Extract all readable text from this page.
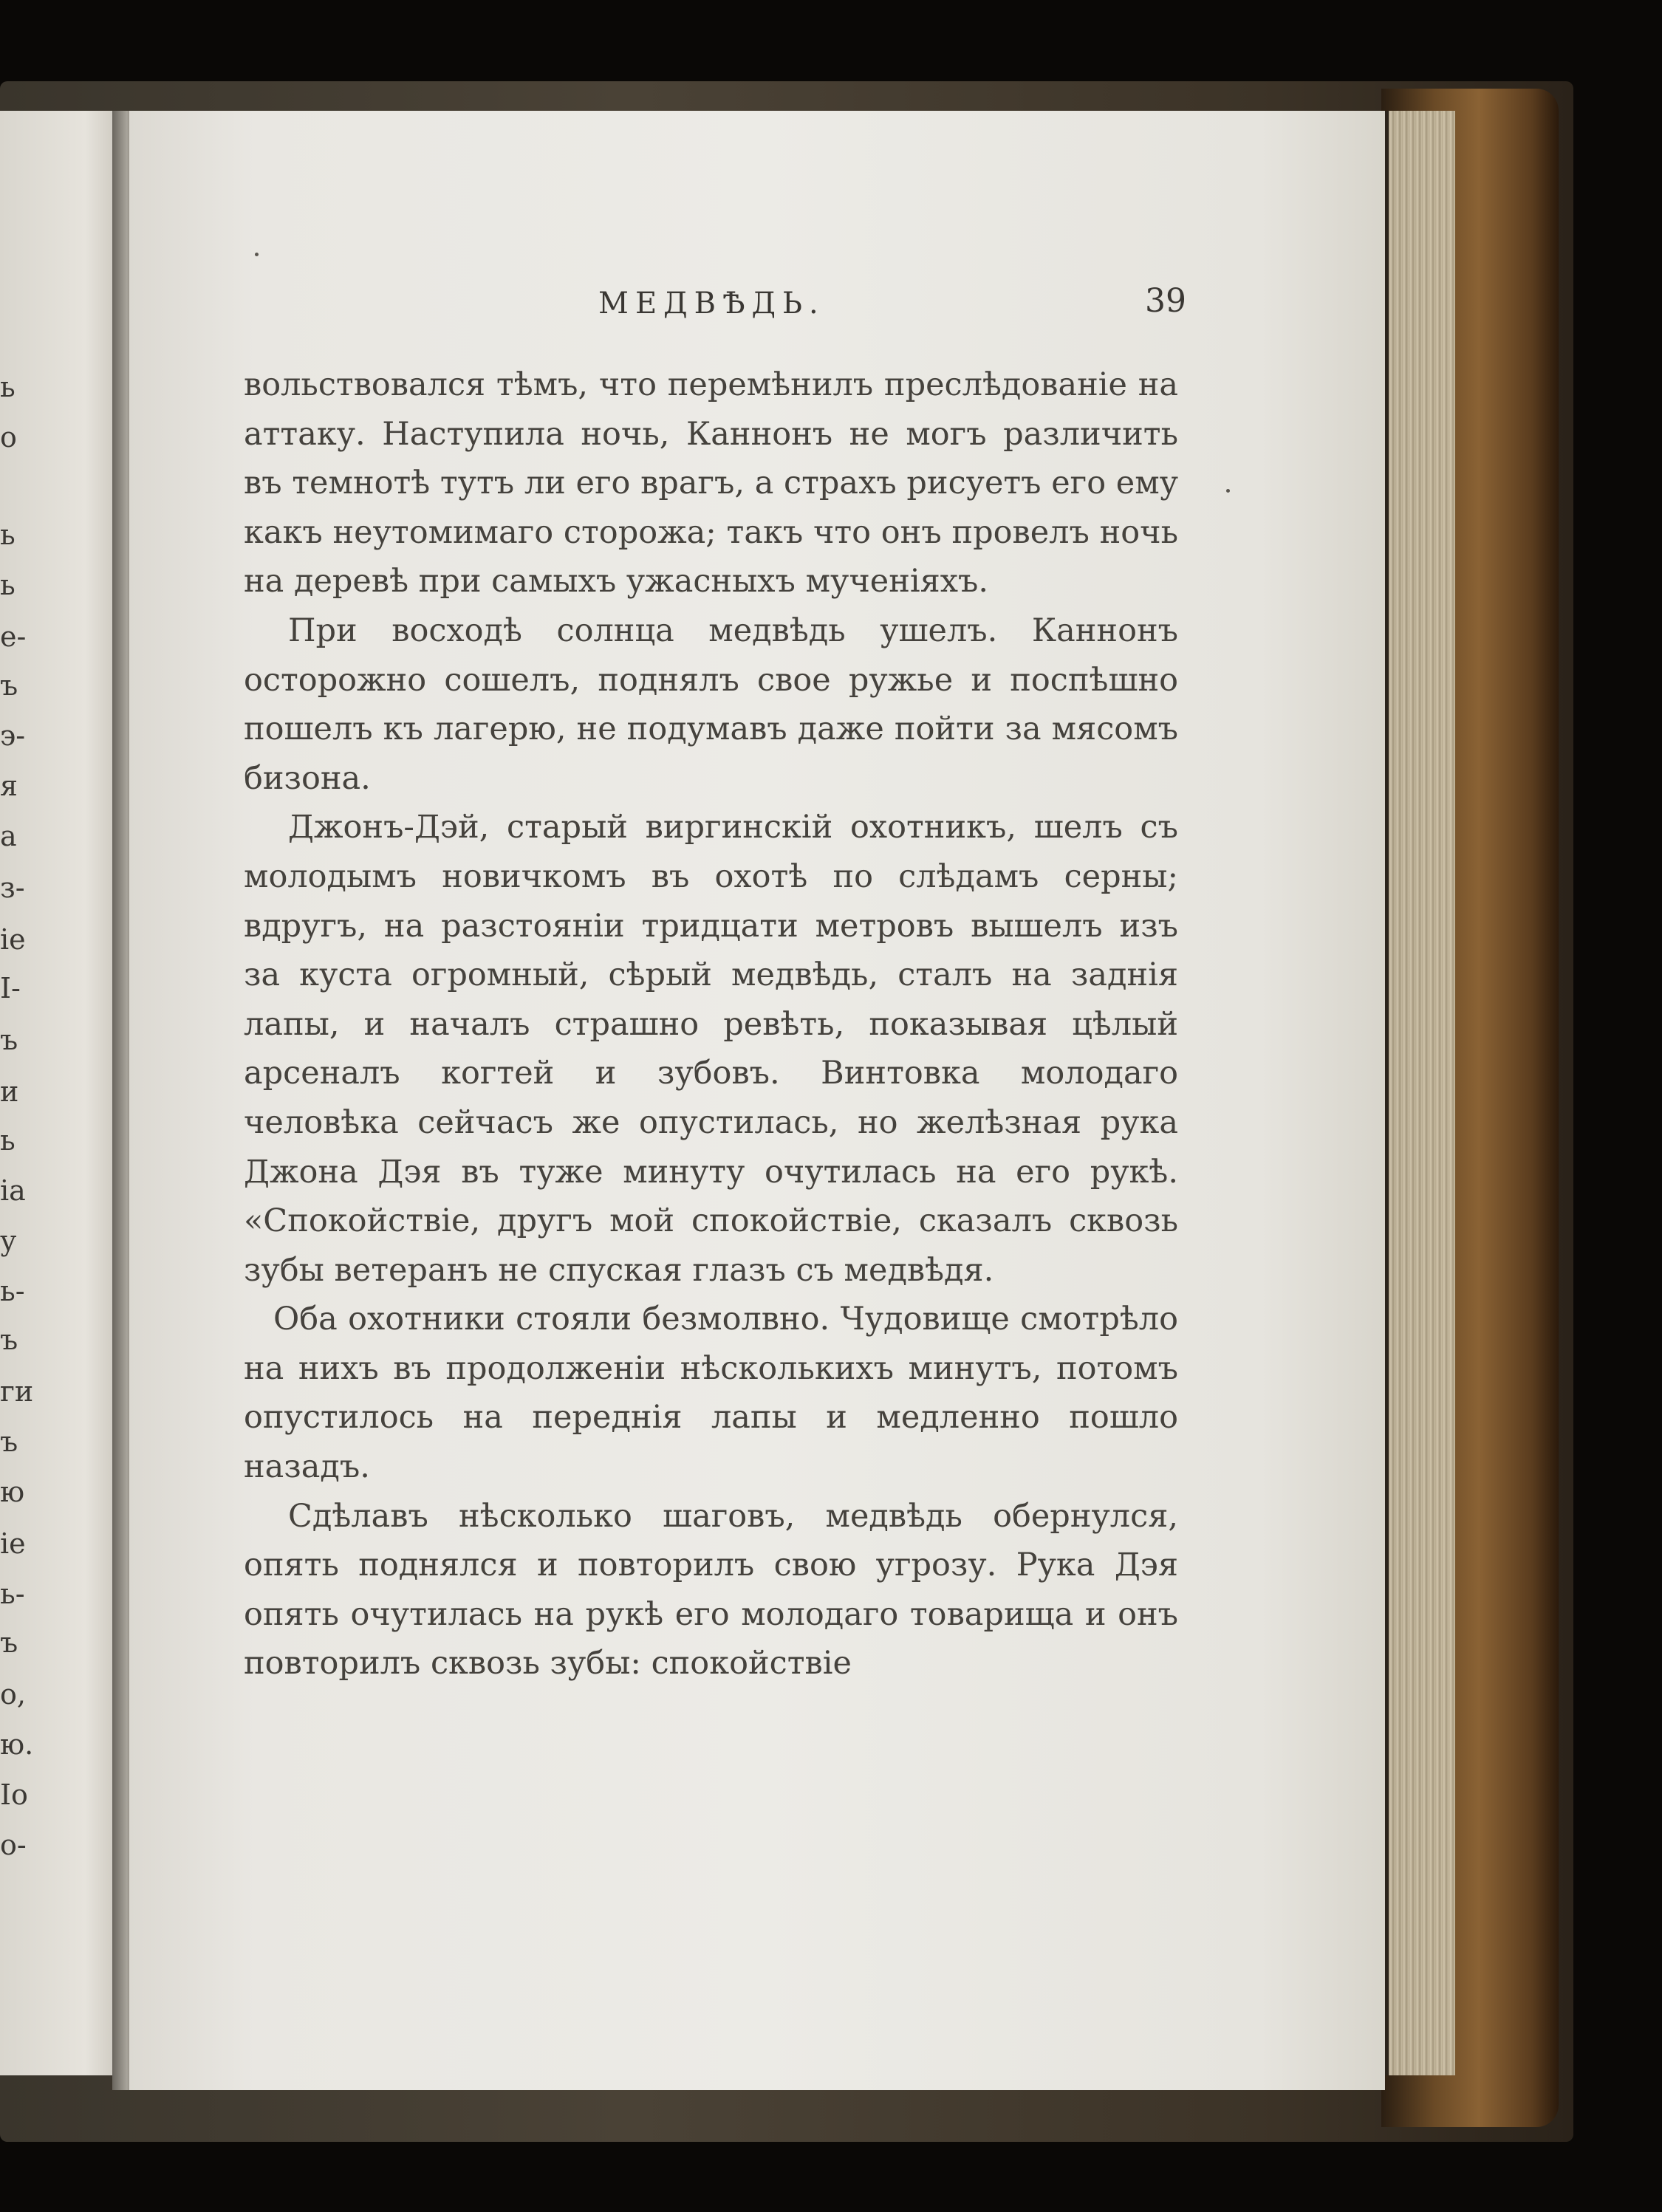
ь
о
ь
ь
е-
ъ
э-
я
а
з-
ie
I-
ъ
и
ь
ia
у
ь-
ъ
ги
ъ
ю
ie
ь-
ъ
о,
ю.
Io
о-
МЕДВѢДЬ.	39

вольствовался тѣмъ, что перемѣнилъ преслѣдованіе на аттаку. Наступила ночь, Каннонъ не могъ различить въ темнотѣ тутъ ли его врагъ, а страхъ рисуетъ его ему какъ неутомимаго сторожа; такъ что онъ провелъ ночь на деревѣ при самыхъ ужасныхъ мученіяхъ.

При восходѣ солнца медвѣдь ушелъ. Каннонъ осторожно сошелъ, поднялъ свое ружье и поспѣшно пошелъ къ лагерю, не подумавъ даже пойти за мясомъ бизона.

Джонъ-Дэй, старый виргинскій охотникъ, шелъ съ молодымъ новичкомъ въ охотѣ по слѣдамъ серны; вдругъ, на разстояніи тридцати метровъ вышелъ изъ за куста огромный, сѣрый медвѣдь, сталъ на заднія лапы, и началъ страшно ревѣть, показывая цѣлый арсеналъ когтей и зубовъ. Винтовка молодаго человѣка сейчасъ же опустилась, но желѣзная рука Джона Дэя въ туже минуту очутилась на его рукѣ. «Спокойствіе, другъ мой спокойствіе, сказалъ сквозь зубы ветеранъ не спуская глазъ съ медвѣдя.

Оба охотники стояли безмолвно. Чудовище смотрѣло на нихъ въ продолженіи нѣсколькихъ минутъ, потомъ опустилось на переднія лапы и медленно пошло назадъ.

Сдѣлавъ нѣсколько шаговъ, медвѣдь обернулся, опять поднялся и повторилъ свою угрозу. Рука Дэя опять очутилась на рукѣ его молодаго товарища и онъ повторилъ сквозь зубы: спокойствіе
